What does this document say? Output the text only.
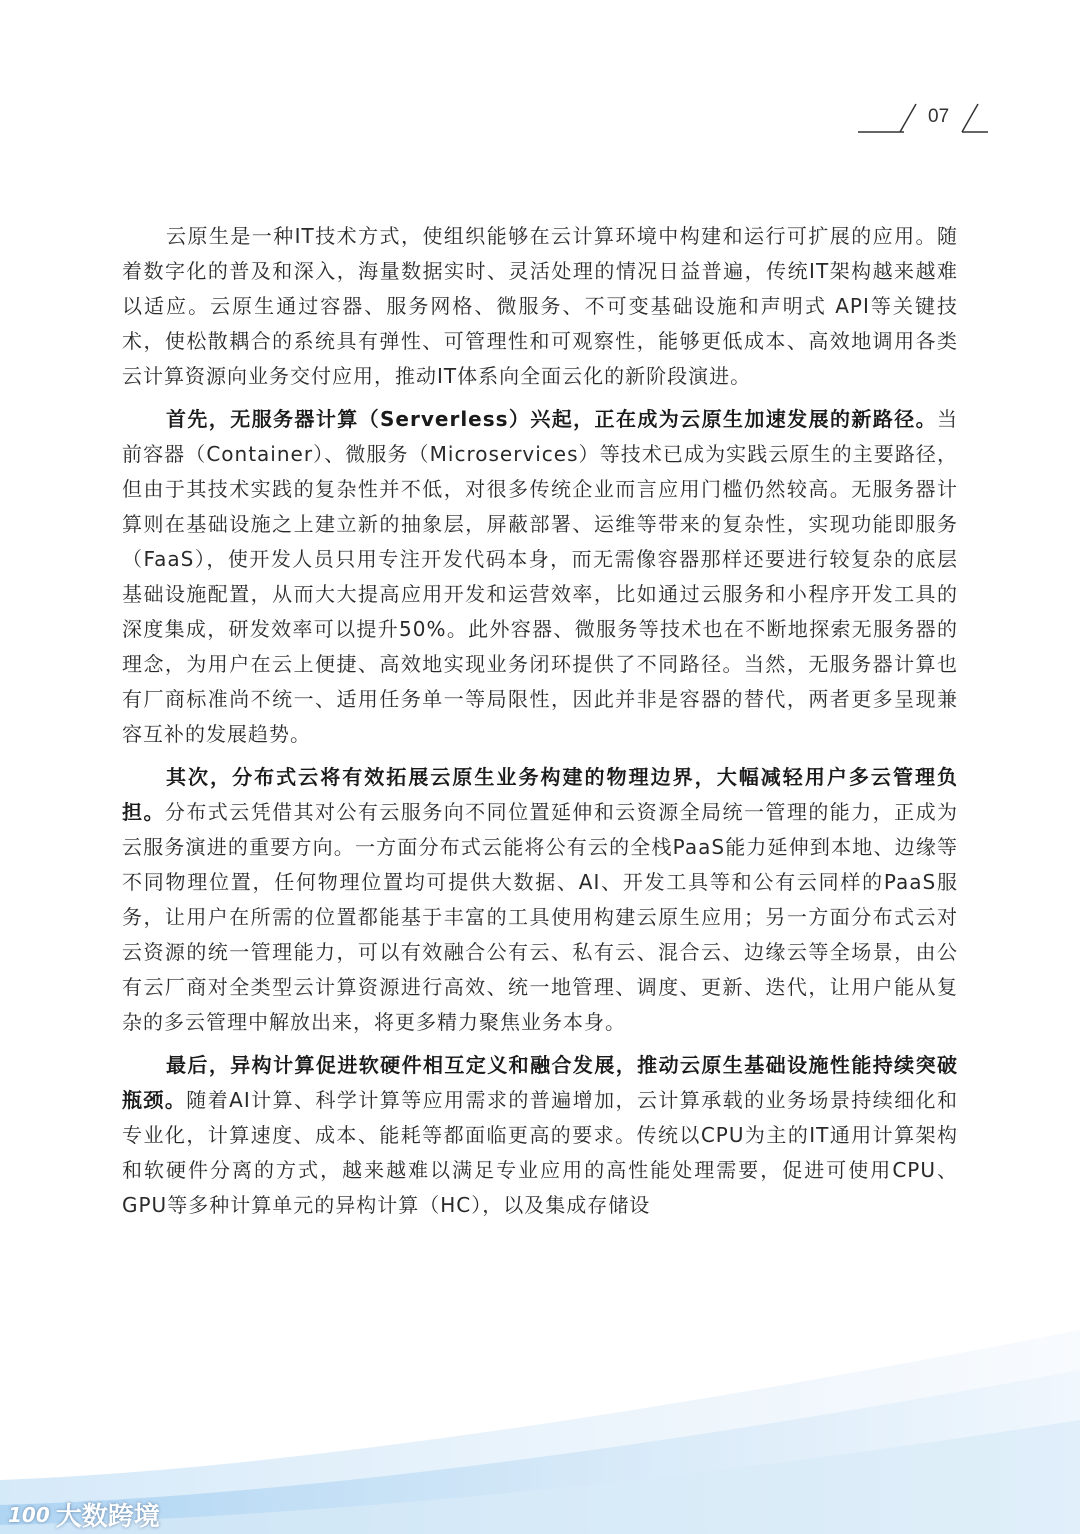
07

云原生是一种IT技术方式，使组织能够在云计算环境中构建和运行可扩展的应用。随着数字化的普及和深入，海量数据实时、灵活处理的情况日益普遍，传统IT架构越来越难以适应。云原生通过容器、服务网格、微服务、不可变基础设施和声明式 API等关键技术，使松散耦合的系统具有弹性、可管理性和可观察性，能够更低成本、高效地调用各类云计算资源向业务交付应用，推动IT体系向全面云化的新阶段演进。

首先，无服务器计算（Serverless）兴起，正在成为云原生加速发展的新路径。当前容器（Container）、微服务（Microservices）等技术已成为实践云原生的主要路径，但由于其技术实践的复杂性并不低，对很多传统企业而言应用门槛仍然较高。无服务器计算则在基础设施之上建立新的抽象层，屏蔽部署、运维等带来的复杂性，实现功能即服务（FaaS），使开发人员只用专注开发代码本身，而无需像容器那样还要进行较复杂的底层基础设施配置，从而大大提高应用开发和运营效率，比如通过云服务和小程序开发工具的深度集成，研发效率可以提升50%。此外容器、微服务等技术也在不断地探索无服务器的理念，为用户在云上便捷、高效地实现业务闭环提供了不同路径。当然，无服务器计算也有厂商标准尚不统一、适用任务单一等局限性，因此并非是容器的替代，两者更多呈现兼容互补的发展趋势。

其次，分布式云将有效拓展云原生业务构建的物理边界，大幅减轻用户多云管理负担。分布式云凭借其对公有云服务向不同位置延伸和云资源全局统一管理的能力，正成为云服务演进的重要方向。一方面分布式云能将公有云的全栈PaaS能力延伸到本地、边缘等不同物理位置，任何物理位置均可提供大数据、AI、开发工具等和公有云同样的PaaS服务，让用户在所需的位置都能基于丰富的工具使用构建云原生应用；另一方面分布式云对云资源的统一管理能力，可以有效融合公有云、私有云、混合云、边缘云等全场景，由公有云厂商对全类型云计算资源进行高效、统一地管理、调度、更新、迭代，让用户能从复杂的多云管理中解放出来，将更多精力聚焦业务本身。

最后，异构计算促进软硬件相互定义和融合发展，推动云原生基础设施性能持续突破瓶颈。随着AI计算、科学计算等应用需求的普遍增加，云计算承载的业务场景持续细化和专业化，计算速度、成本、能耗等都面临更高的要求。传统以CPU为主的IT通用计算架构和软硬件分离的方式，越来越难以满足专业应用的高性能处理需要，促进可使用CPU、GPU等多种计算单元的异构计算（HC），以及集成存储设

100 大数跨境
